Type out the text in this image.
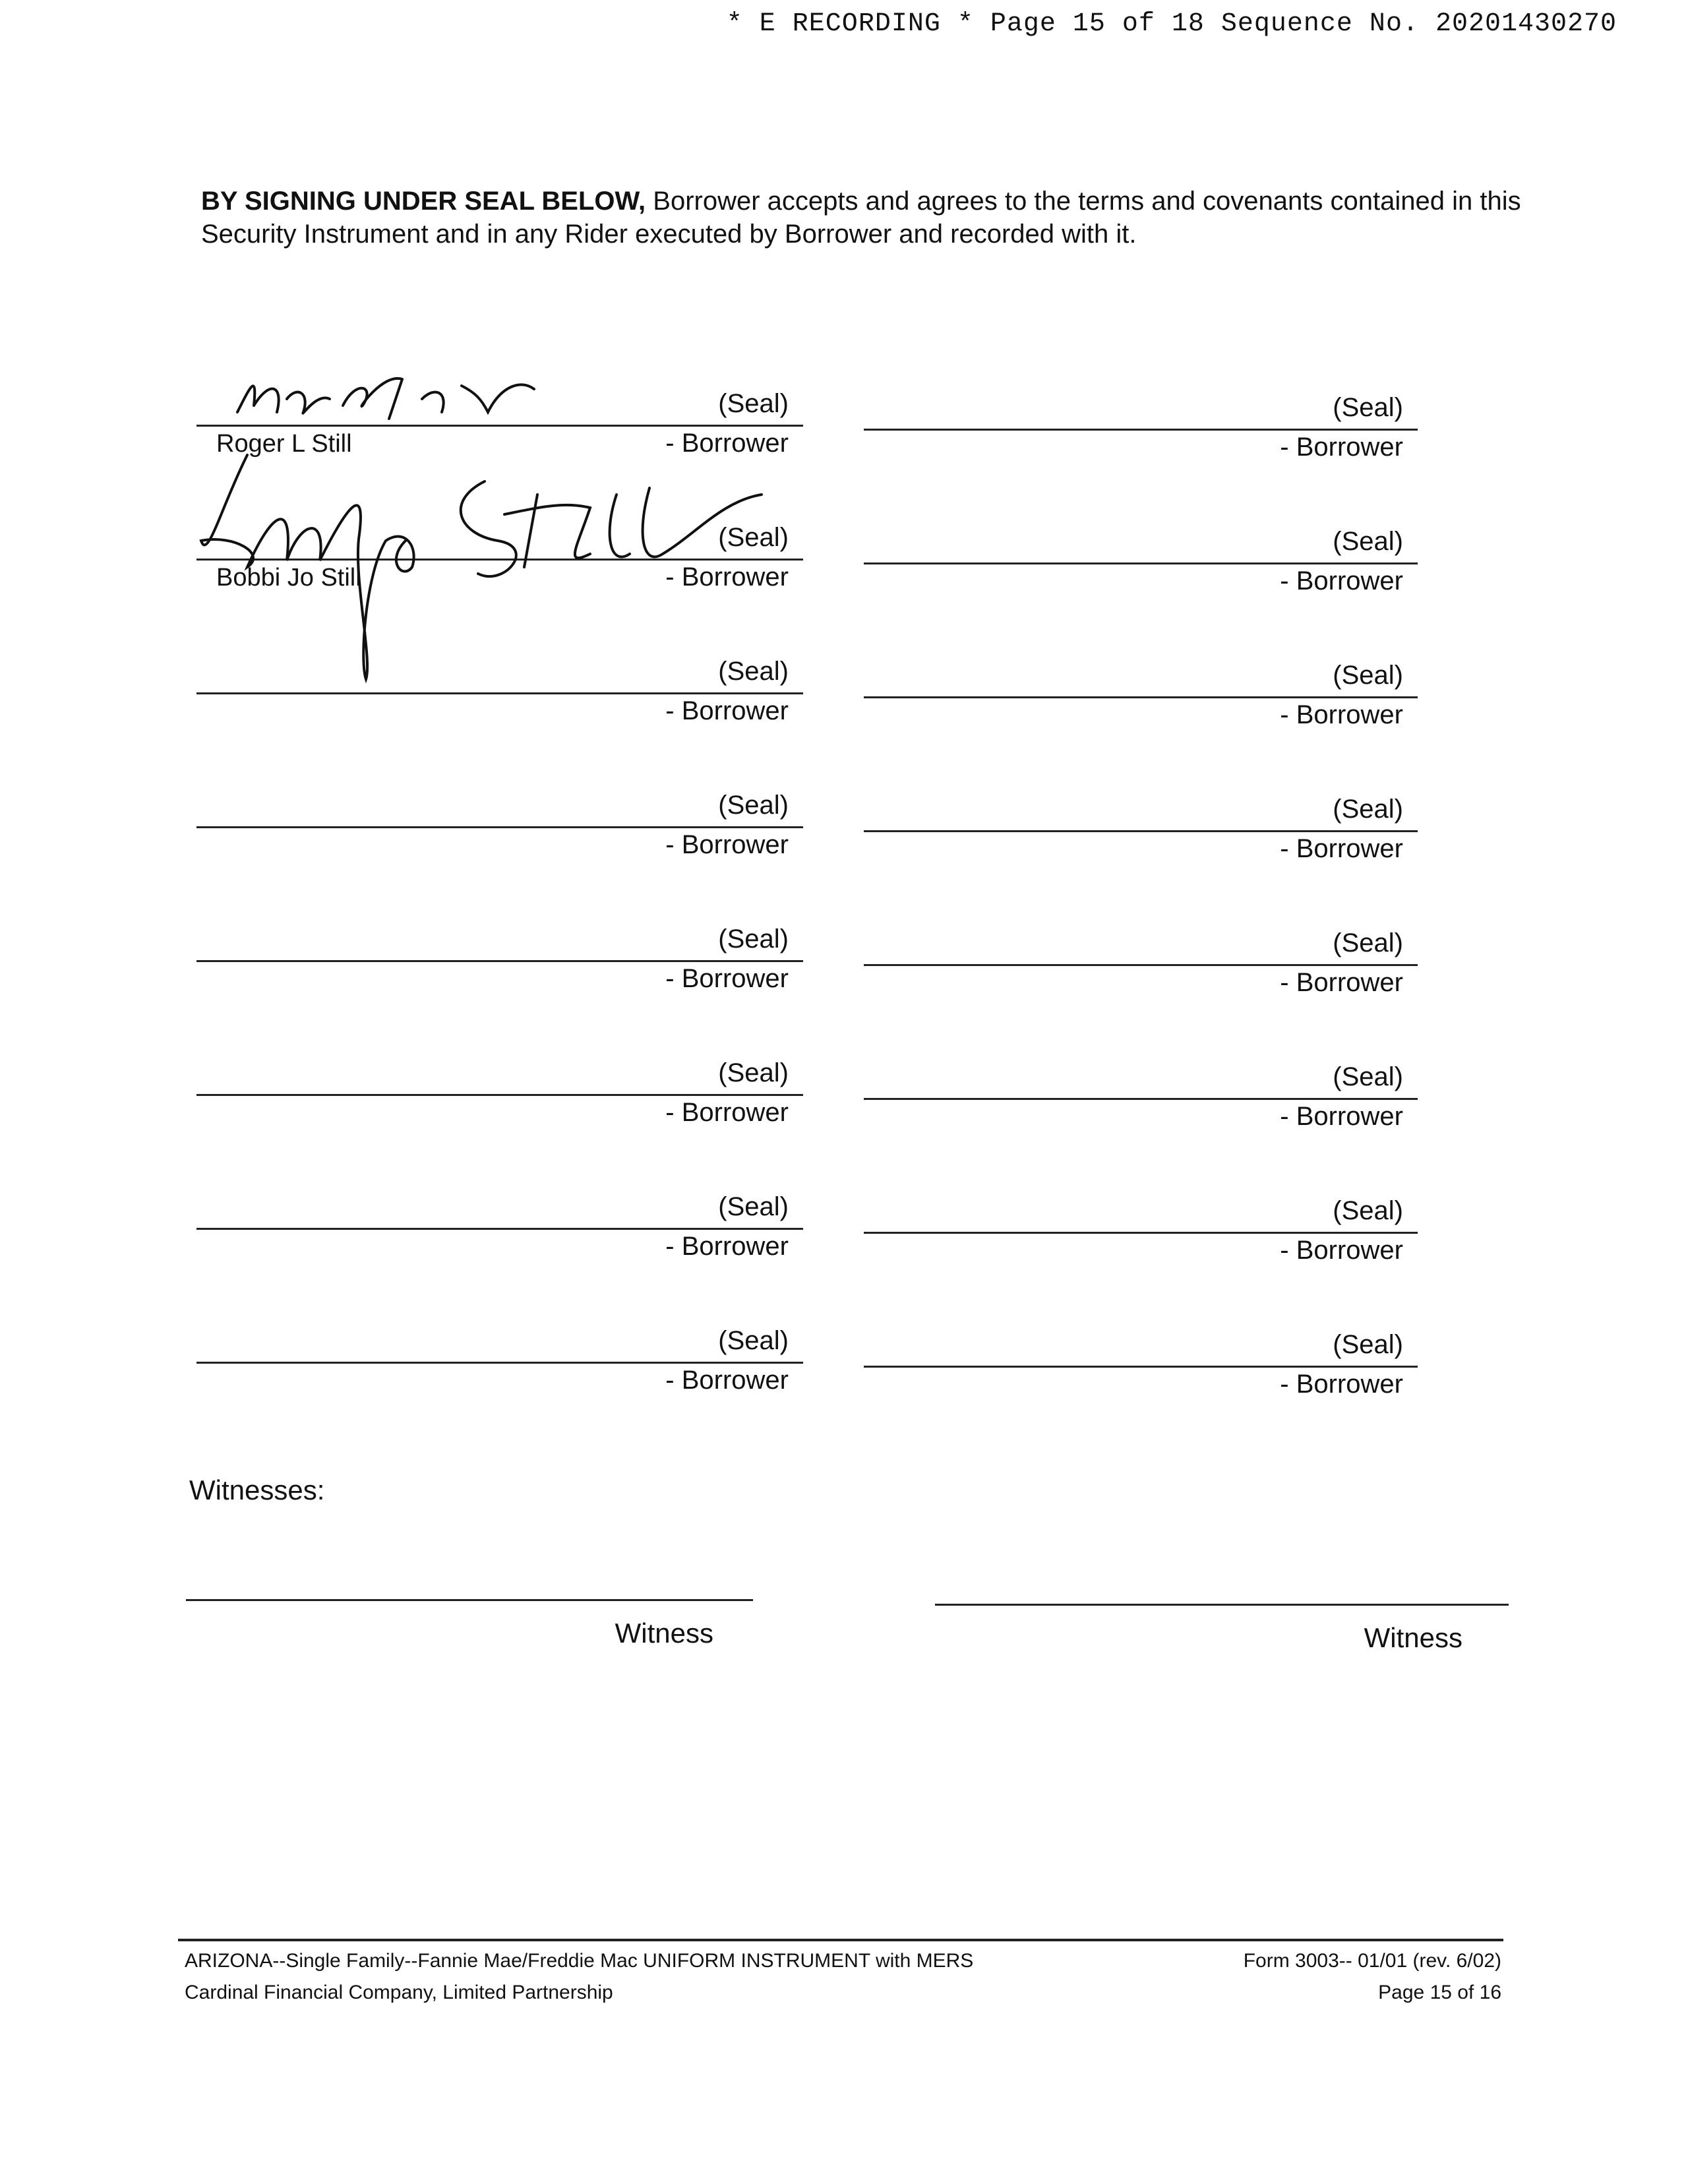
* E RECORDING * Page 15 of 18 Sequence No. 20201430270
BY SIGNING UNDER SEAL BELOW, Borrower accepts and agrees to the terms and covenants contained in this Security Instrument and in any Rider executed by Borrower and recorded with it.
(Seal)
- Borrower
Roger L Still
(Seal)
- Borrower
Bobbi Jo Still
(Seal)
- Borrower
(Seal)
- Borrower
(Seal)
- Borrower
(Seal)
- Borrower
(Seal)
- Borrower
(Seal)
- Borrower
(Seal)
- Borrower
(Seal)
- Borrower
(Seal)
- Borrower
(Seal)
- Borrower
(Seal)
- Borrower
(Seal)
- Borrower
(Seal)
- Borrower
(Seal)
- Borrower
Witnesses:
Witness	Witness
ARIZONA--Single Family--Fannie Mae/Freddie Mac UNIFORM INSTRUMENT with MERS
Cardinal Financial Company, Limited Partnership
Form 3003-- 01/01 (rev. 6/02)
Page 15 of 16
